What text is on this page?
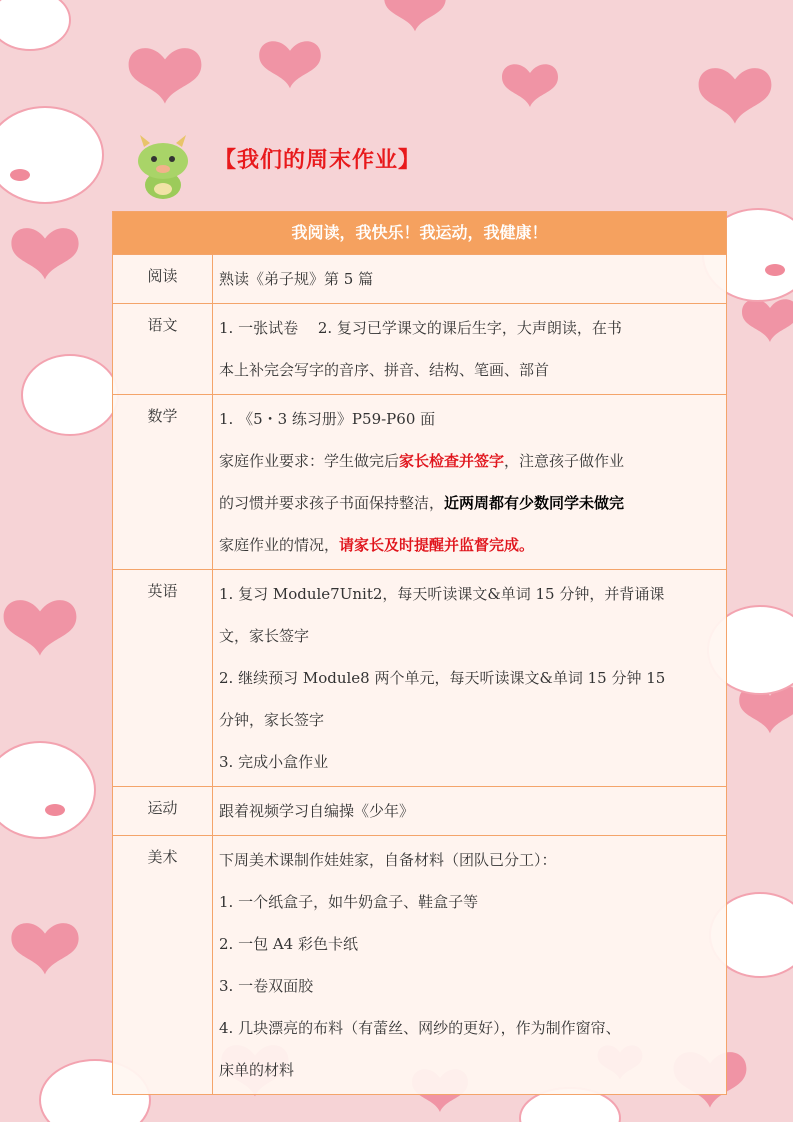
【我们的周末作业】
我阅读，我快乐！我运动，我健康！
阅读	熟读《弟子规》第 5 篇
语文	1. 一张试卷　 2. 复习已学课文的课后生字，大声朗读，在书
本上补完会写字的音序、拼音、结构、笔画、部首
数学	1. 《5・3 练习册》P59-P60 面
家庭作业要求：学生做完后家长检查并签字，注意孩子做作业
的习惯并要求孩子书面保持整洁，近两周都有少数同学未做完
家庭作业的情况，请家长及时提醒并监督完成。
英语	1. 复习 Module7Unit2，每天听读课文&单词 15 分钟，并背诵课
文，家长签字
2. 继续预习 Module8 两个单元，每天听读课文&单词 15 分钟 15
分钟，家长签字
3. 完成小盒作业
运动	跟着视频学习自编操《少年》
美术	下周美术课制作娃娃家，自备材料（团队已分工）：
1. 一个纸盒子，如牛奶盒子、鞋盒子等
2. 一包 A4 彩色卡纸
3. 一卷双面胶
4. 几块漂亮的布料（有蕾丝、网纱的更好），作为制作窗帘、
床单的材料
